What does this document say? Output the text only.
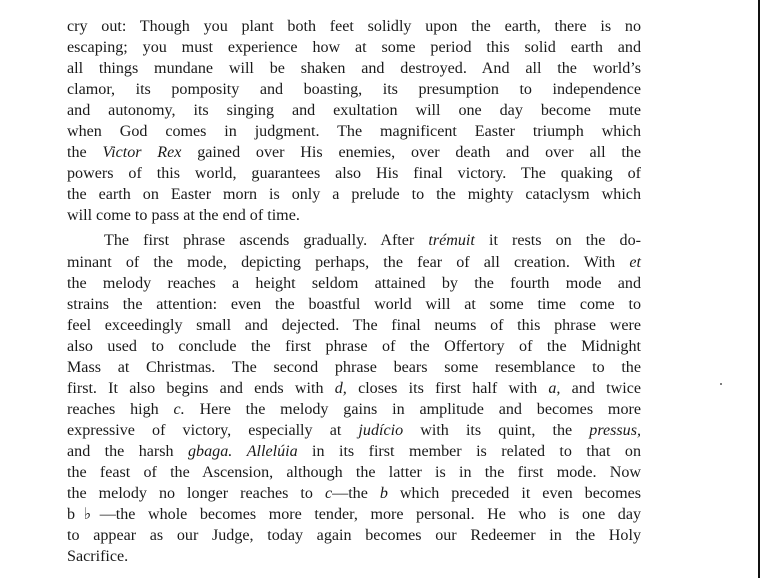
cry out: Though you plant both feet solidly upon the earth, there is no
escaping; you must experience how at some period this solid earth and
all things mundane will be shaken and destroyed. And all the world’s
clamor, its pomposity and boasting, its presumption to independence
and autonomy, its singing and exultation will one day become mute
when God comes in judgment. The magnificent Easter triumph which
the Victor Rex gained over His enemies, over death and over all the
powers of this world, guarantees also His final victory. The quaking of
the earth on Easter morn is only a prelude to the mighty cataclysm which
will come to pass at the end of time.
The first phrase ascends gradually. After trémuit it rests on the do-
minant of the mode, depicting perhaps, the fear of all creation. With et
the melody reaches a height seldom attained by the fourth mode and
strains the attention: even the boastful world will at some time come to
feel exceedingly small and dejected. The final neums of this phrase were
also used to conclude the first phrase of the Offertory of the Midnight
Mass at Christmas. The second phrase bears some resemblance to the
first. It also begins and ends with d, closes its first half with a, and twice
reaches high c. Here the melody gains in amplitude and becomes more
expressive of victory, especially at judício with its quint, the pressus,
and the harsh gbaga. Allelúia in its first member is related to that on
the feast of the Ascension, although the latter is in the first mode. Now
the melody no longer reaches to c—the b which preceded it even becomes
b♭—the whole becomes more tender, more personal. He who is one day
to appear as our Judge, today again becomes our Redeemer in the Holy
Sacrifice.
